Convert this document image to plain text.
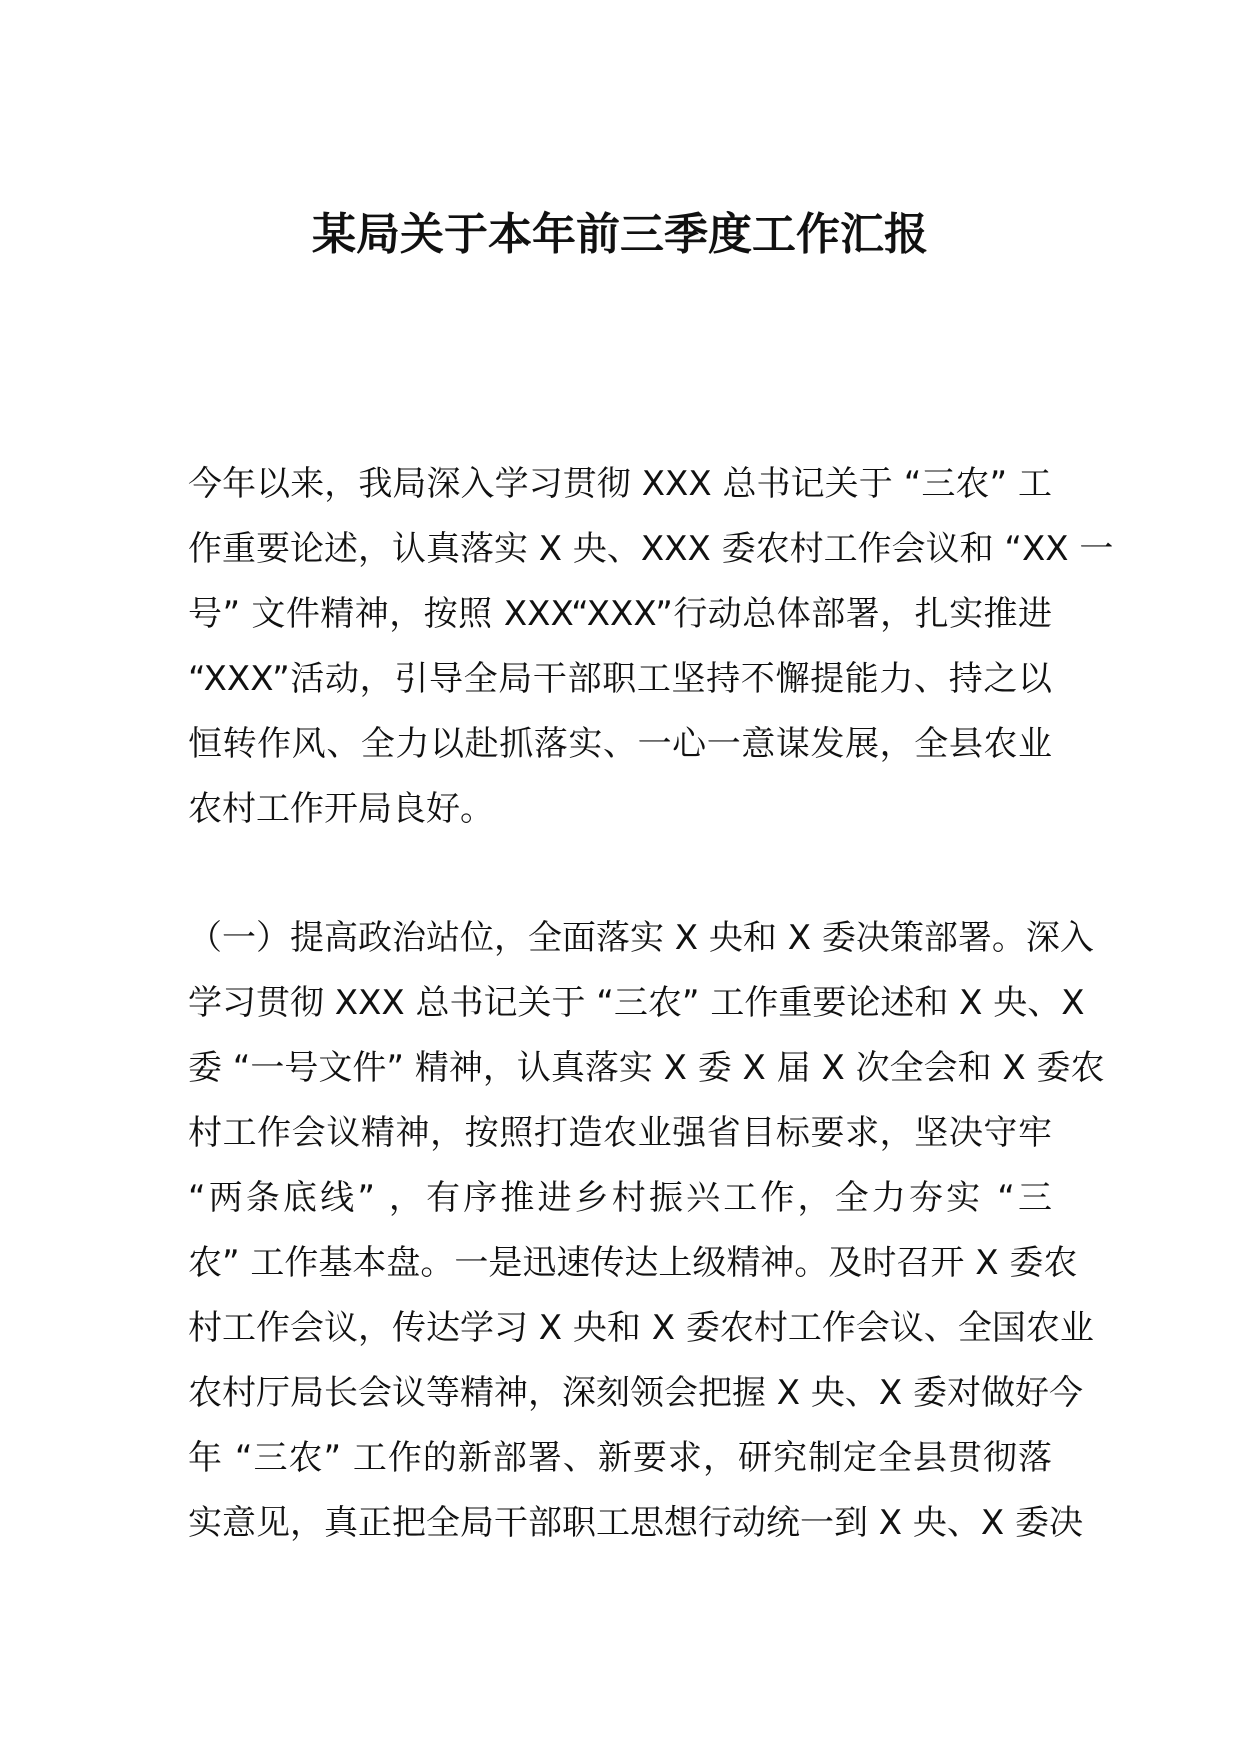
某局关于本年前三季度工作汇报
今年以来，我局深入学习贯彻 XXX 总书记关于 “三农” 工
作重要论述，认真落实 X 央、XXX 委农村工作会议和 “XX 一
号” 文件精神，按照 XXX“XXX”行动总体部署，扎实推进
“XXX”活动，引导全局干部职工坚持不懈提能力、持之以
恒转作风、全力以赴抓落实、一心一意谋发展，全县农业
农村工作开局良好。
（一）提高政治站位，全面落实 X 央和 X 委决策部署。深入
学习贯彻 XXX 总书记关于 “三农” 工作重要论述和 X 央、X
委 “一号文件” 精神，认真落实 X 委 X 届 X 次全会和 X 委农
村工作会议精神，按照打造农业强省目标要求，坚决守牢
“两条底线” ，有序推进乡村振兴工作，全力夯实 “三
农” 工作基本盘。一是迅速传达上级精神。及时召开 X 委农
村工作会议，传达学习 X 央和 X 委农村工作会议、全国农业
农村厅局长会议等精神，深刻领会把握 X 央、X 委对做好今
年 “三农” 工作的新部署、新要求，研究制定全县贯彻落
实意见，真正把全局干部职工思想行动统一到 X 央、X 委决
